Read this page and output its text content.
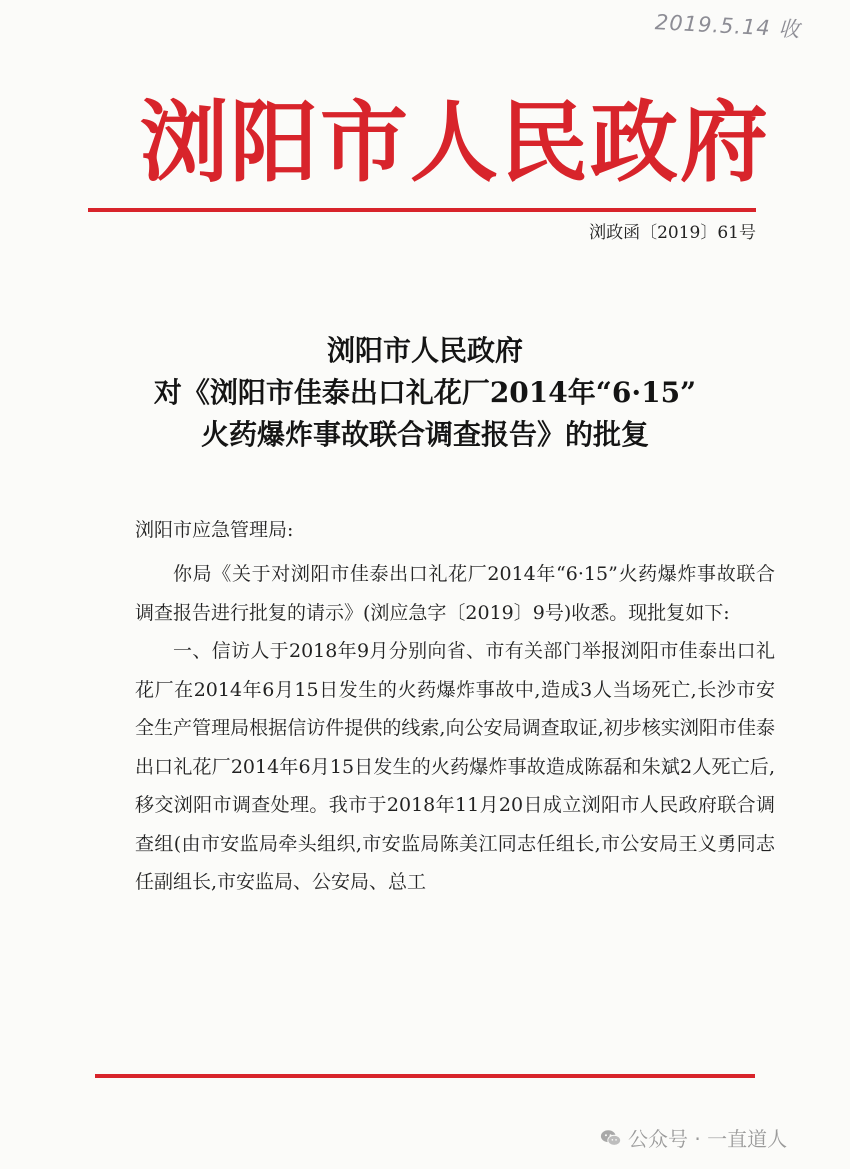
2019.5.14 收
浏阳市人民政府
浏政函〔2019〕61号
浏阳市人民政府
对《浏阳市佳泰出口礼花厂2014年“6·15”
火药爆炸事故联合调查报告》的批复
浏阳市应急管理局:

你局《关于对浏阳市佳泰出口礼花厂2014年“6·15”火药爆炸事故联合调查报告进行批复的请示》(浏应急字〔2019〕9号)收悉。现批复如下:

一、信访人于2018年9月分别向省、市有关部门举报浏阳市佳泰出口礼花厂在2014年6月15日发生的火药爆炸事故中,造成3人当场死亡,长沙市安全生产管理局根据信访件提供的线索,向公安局调查取证,初步核实浏阳市佳泰出口礼花厂2014年6月15日发生的火药爆炸事故造成陈磊和朱斌2人死亡后,移交浏阳市调查处理。我市于2018年11月20日成立浏阳市人民政府联合调查组(由市安监局牵头组织,市安监局陈美江同志任组长,市公安局王义勇同志任副组长,市安监局、公安局、总工

公众号 · 一直道人
